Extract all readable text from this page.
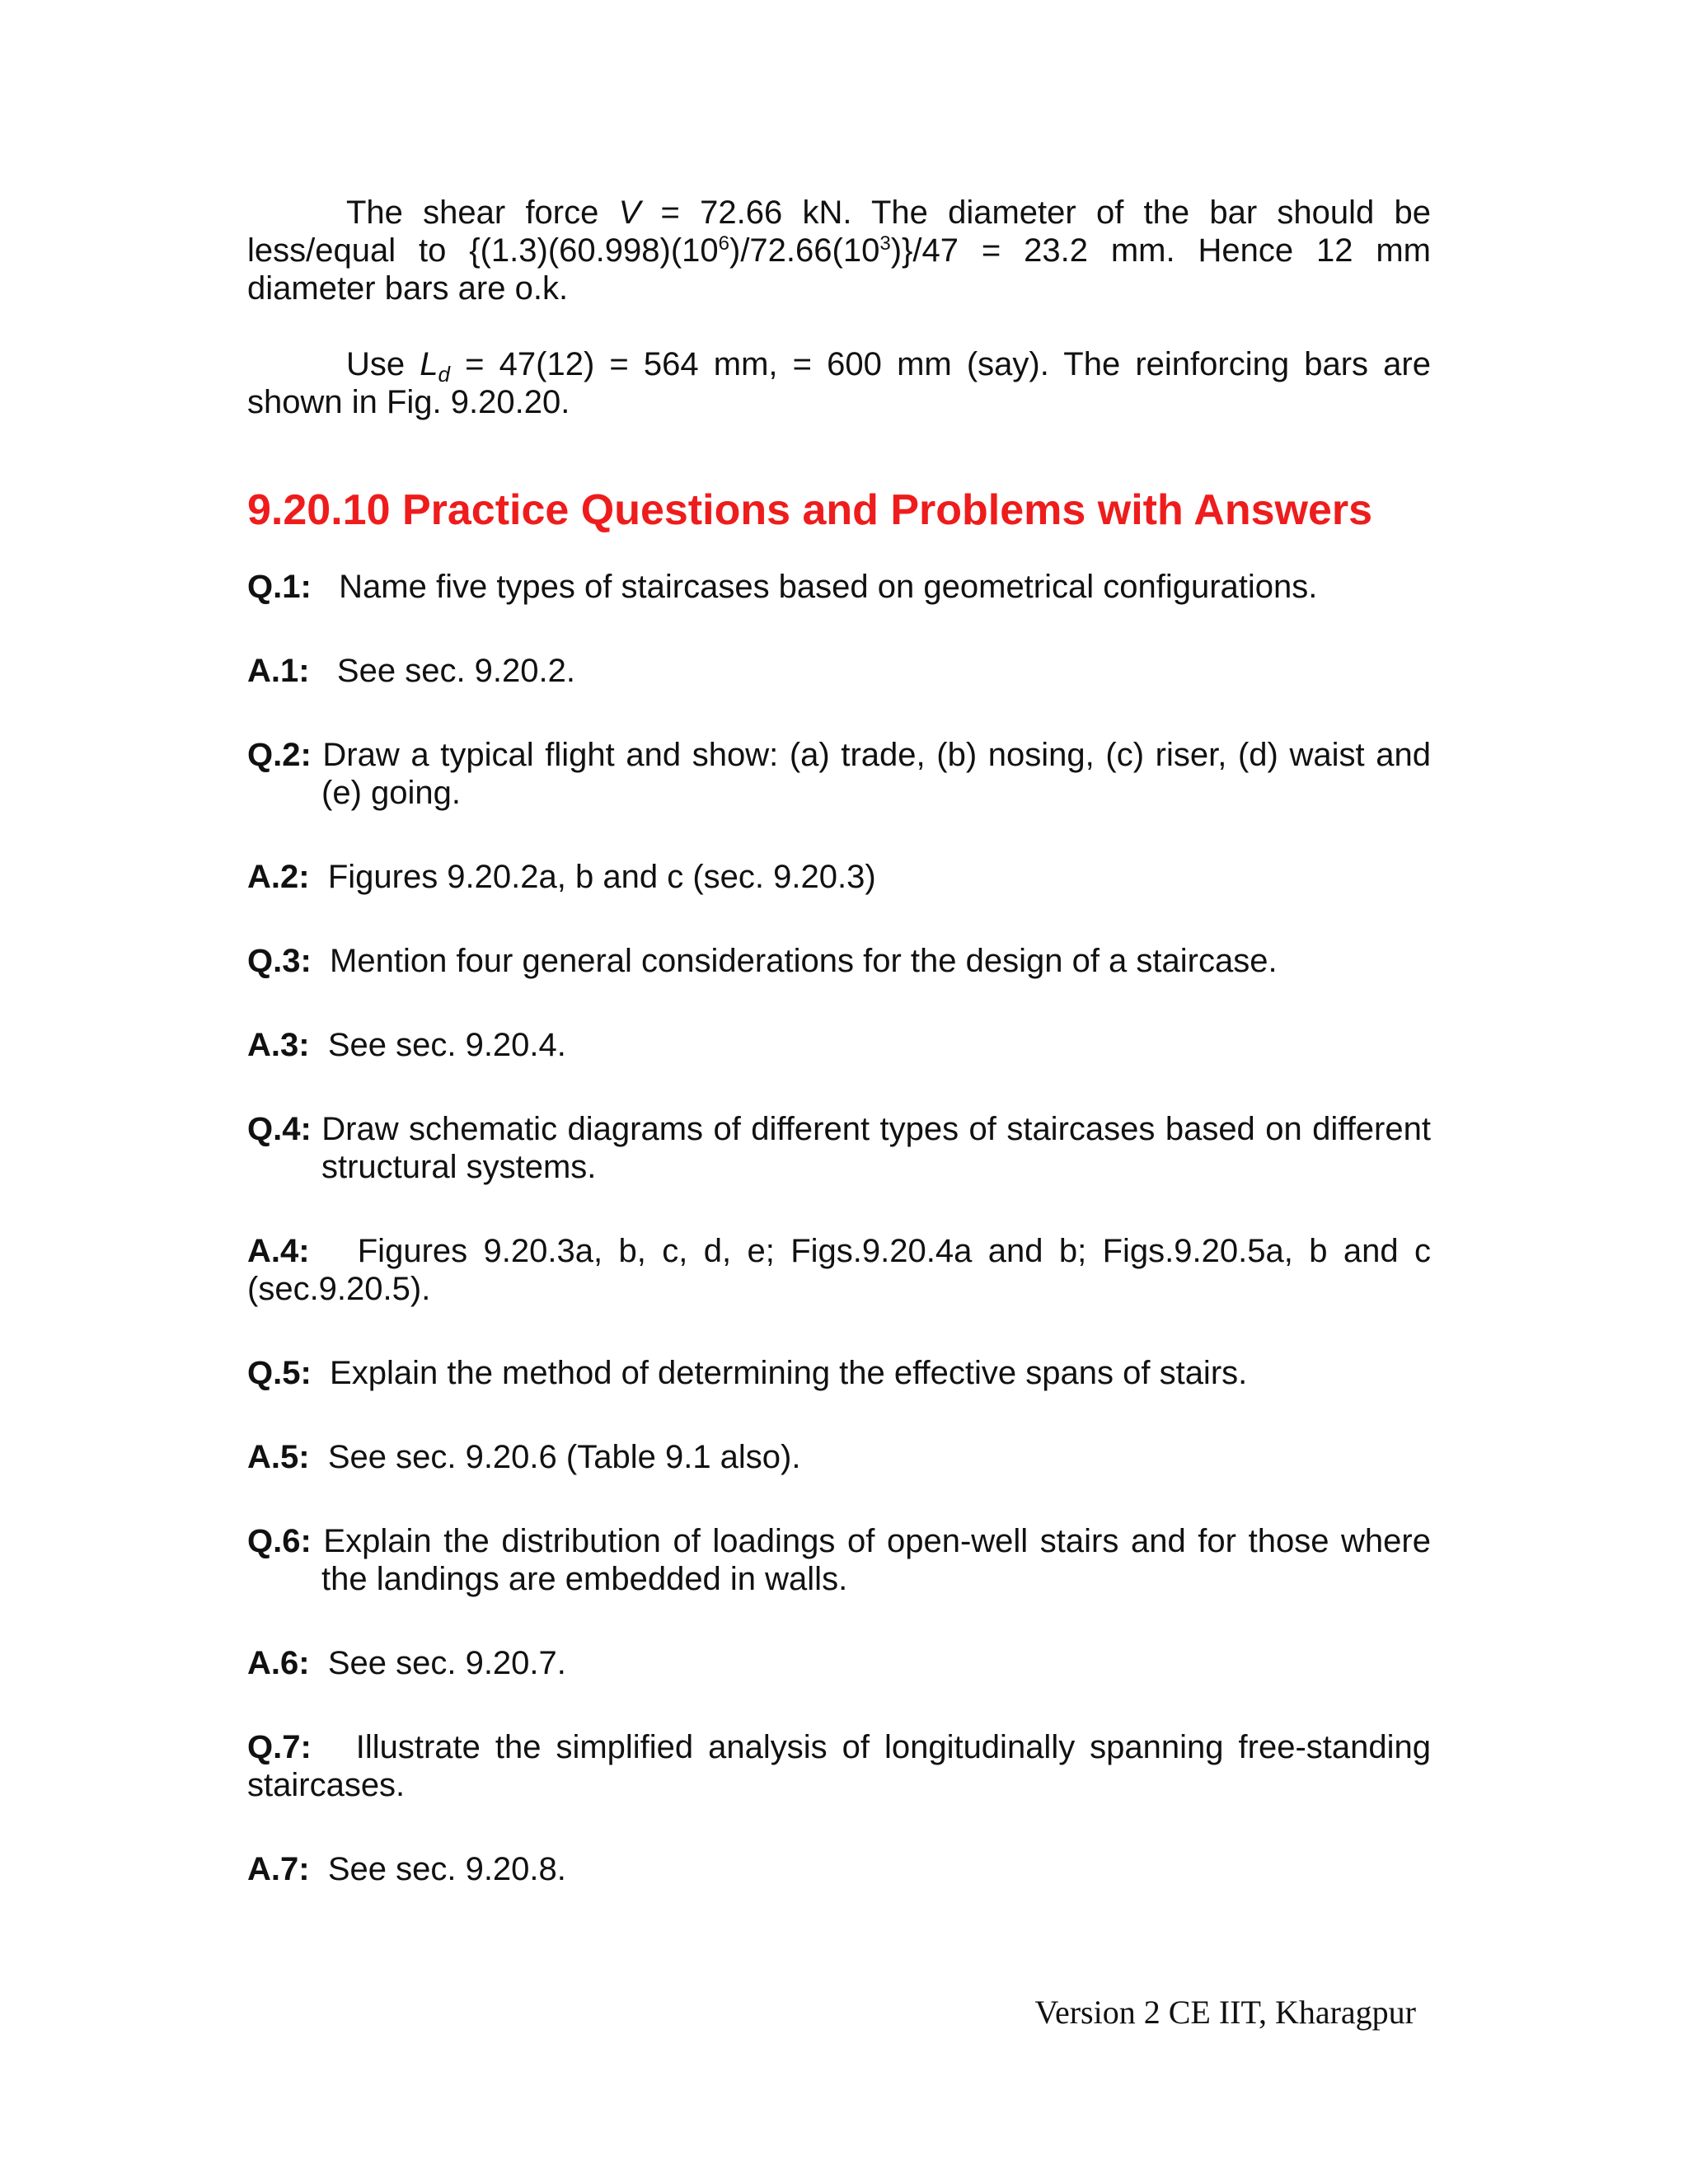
The shear force V = 72.66 kN. The diameter of the bar should be less/equal to $\{(1.3)(60.998)(10^6)/72.66(10^3)\}/47 = 23.2$ mm. Hence 12 mm diameter bars are o.k.

Use $L_d = 47(12) = 564$ mm, = 600 mm (say). The reinforcing bars are shown in Fig. 9.20.20.

9.20.10 Practice Questions and Problems with Answers

Q.1: Name five types of staircases based on geometrical configurations.

A.1: See sec. 9.20.2.

Q.2: Draw a typical flight and show: (a) trade, (b) nosing, (c) riser, (d) waist and (e) going.

A.2: Figures 9.20.2a, b and c (sec. 9.20.3)

Q.3: Mention four general considerations for the design of a staircase.

A.3: See sec. 9.20.4.

Q.4: Draw schematic diagrams of different types of staircases based on different structural systems.

A.4: Figures 9.20.3a, b, c, d, e; Figs.9.20.4a and b; Figs.9.20.5a, b and c (sec.9.20.5).

Q.5: Explain the method of determining the effective spans of stairs.

A.5: See sec. 9.20.6 (Table 9.1 also).

Q.6: Explain the distribution of loadings of open-well stairs and for those where the landings are embedded in walls.

A.6: See sec. 9.20.7.

Q.7: Illustrate the simplified analysis of longitudinally spanning free-standing staircases.

A.7: See sec. 9.20.8.

Version 2 CE IIT, Kharagpur
